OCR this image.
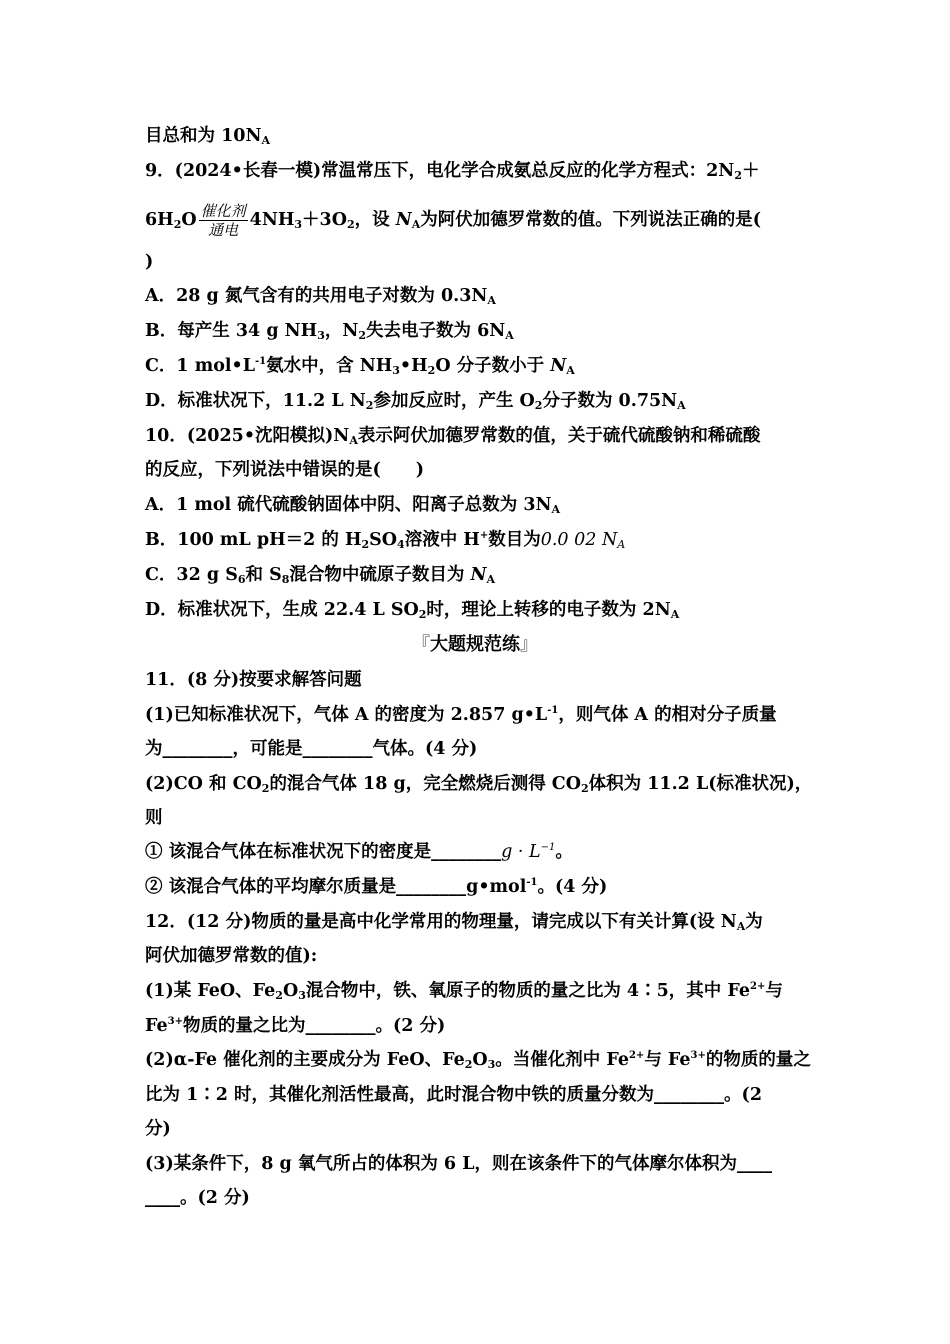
目总和为 $10N_A$
9．(2024•长春一模)常温常压下，电化学合成氨总反应的化学方程式：$2N_2+$
$6H_2O \frac{\text{催化剂}}{\text{通电}} 4NH_3+3O_2$，设 $N_A$为阿伏加德罗常数的值。下列说法正确的是(
)
A．28 g 氮气含有的共用电子对数为 $0.3N_A$
B．每产生 34 g $NH_3$，$N_2$失去电子数为 $6N_A$
C．1 $mol•L^{-1}$氨水中，含 $NH_3•H_2O$ 分子数小于 $N_A$
D．标准状况下，11.2 L $N_2$参加反应时，产生 $O_2$分子数为 $0.75N_A$
10．(2025•沈阳模拟)$N_A$表示阿伏加德罗常数的值，关于硫代硫酸钠和稀硫酸
的反应，下列说法中错误的是(　　)
A．1 mol 硫代硫酸钠固体中阴、阳离子总数为 $3N_A$
B．100 mL pH＝2 的 $H_2SO_4$溶液中 H+数目为0.0 02 $N_A$
C．32 g $S_6$和 $S_8$混合物中硫原子数目为 $N_A$
D．标准状况下，生成 22.4 L $SO_2$时，理论上转移的电子数为 $2N_A$
『大题规范练』
11．(8 分)按要求解答问题
(1)已知标准状况下，气体 A 的密度为 2.857 $g•L^{-1}$，则气体 A 的相对分子质量
为________，可能是________气体。(4 分)
(2)CO 和 $CO_2$的混合气体 18 g，完全燃烧后测得 $CO_2$体积为 11.2 L(标准状况)，
则
① 该混合气体在标准状况下的密度是________g · $L^{-1}$。
② 该混合气体的平均摩尔质量是________g•mol$^{-1}$。(4 分)
12．(12 分)物质的量是高中化学常用的物理量，请完成以下有关计算(设 $N_A$为
阿伏加德罗常数的值):
(1)某 FeO、$Fe_2O_3$混合物中，铁、氧原子的物质的量之比为 4∶5，其中 $Fe^{2+}$与
$Fe^{3+}$物质的量之比为________。(2 分)
(2)α-Fe 催化剂的主要成分为 FeO、$Fe_2O_3$。当催化剂中 $Fe^{2+}$与 $Fe^{3+}$的物质的量之
比为 1∶2 时，其催化剂活性最高，此时混合物中铁的质量分数为________。(2
分)
(3)某条件下，8 g 氧气所占的体积为 6 L，则在该条件下的气体摩尔体积为____
____。(2 分)
